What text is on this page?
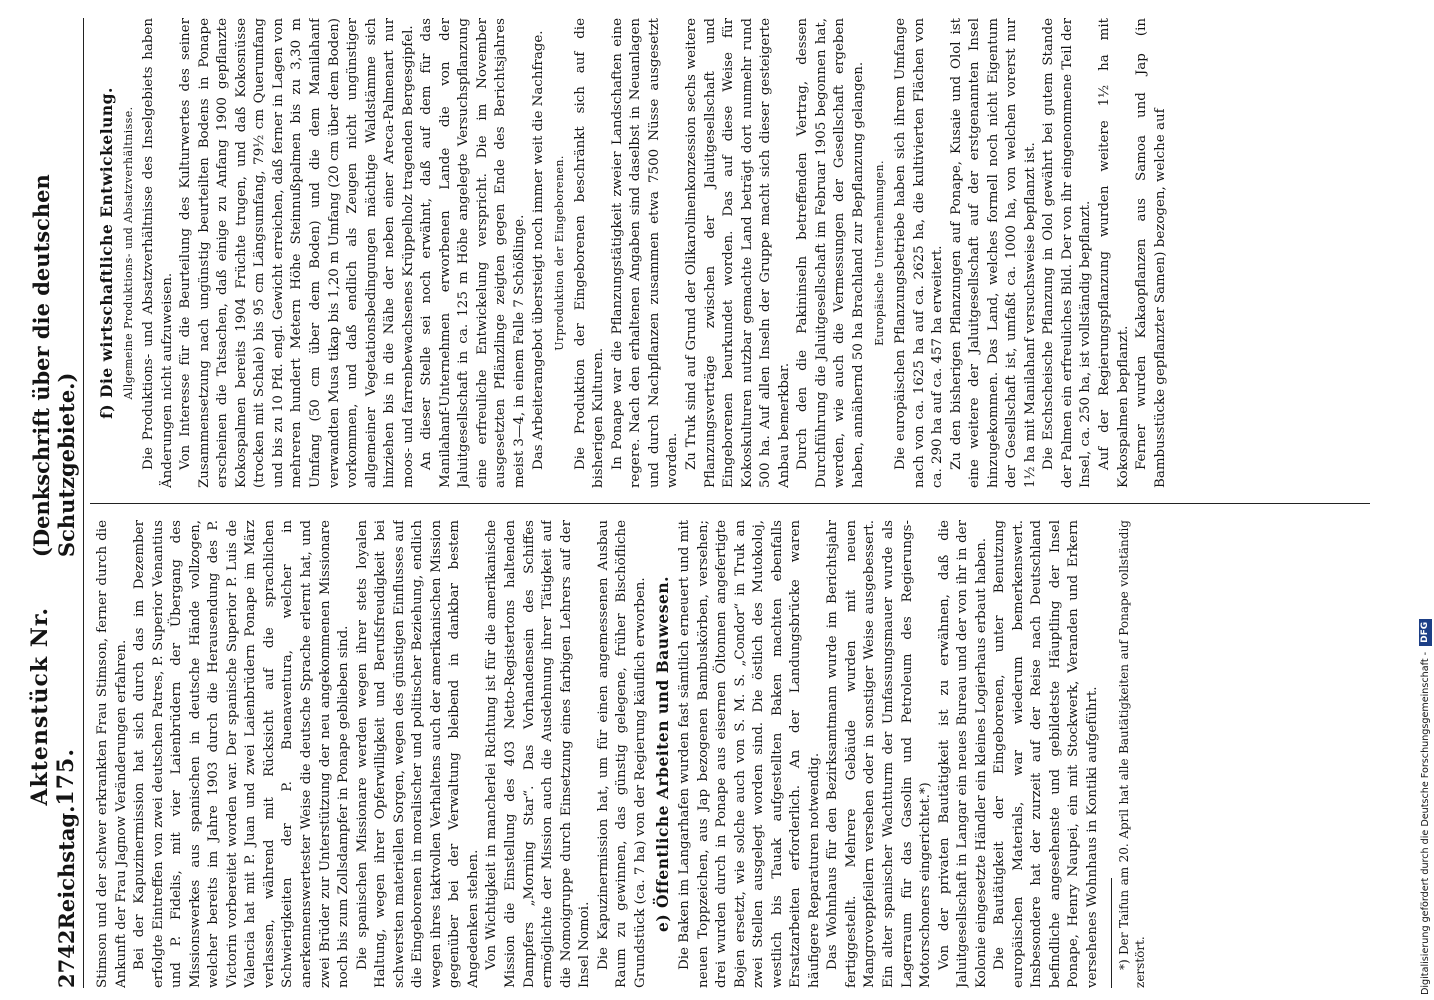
2742
Reichstag.
Aktenstück Nr. 175.
(Denkschrift über die deutschen Schutzgebiete.)

Stimson und der schwer erkrankten Frau Stimson, ferner durch die Ankunft der Frau Jagnow Veränderungen erfahren. Bei der Kapuzinermission hat sich durch das im Dezember erfolgte Eintreffen von zwei deutschen Patres, P. Superior Venantius und P. Fidelis, mit vier Laienbrüdern der Übergang des Missionswerkes aus spanischen in deutsche Hände vollzogen, welcher bereits im Jahre 1903 durch die Herausendung des P. Victorin vorbereitet worden war. Der spanische Superior P. Luis de Valencia hat mit P. Juan und zwei Laienbrüdern Ponape im März verlassen, während mit Rücksicht auf die sprachlichen Schwierigkeiten der P. Buenaventura, welcher in anerkennenswertester Weise die deutsche Sprache erlernt hat, und zwei Brüder zur Unterstützung der neu angekommenen Missionare noch bis zum Zollsdampfer in Ponape geblieben sind. Die spanischen Missionare werden wegen ihrer stets loyalen Haltung, wegen ihrer Opferwilligkeit und Berufsfreudigkeit bei schwersten materiellen Sorgen, wegen des günstigen Einflusses auf die Eingeborenen in moralischer und politischer Beziehung, endlich wegen ihres taktvollen Verhaltens auch der amerikanischen Mission gegenüber bei der Verwaltung bleibend in dankbar bestem Angedenken stehen. Von Wichtigkeit in mancherlei Richtung ist für die amerikanische Mission die Einstellung des 403 Netto-Registertons haltenden Dampfers „Morning Star“. Das Vorhandensein des Schiffes ermöglichte der Mission auch die Ausdehnung ihrer Tätigkeit auf die Nomoigruppe durch Einsetzung eines farbigen Lehrers auf der Insel Nomoi. Die Kapuzinermission hat, um für einen angemessenen Ausbau Raum zu gewinnen, das günstig gelegene, früher Bischöfliche Grundstück (ca. 7 ha) von der Regierung käuflich erworben. e) Öffentliche Arbeiten und Bauwesen. Die Baken im Langarhafen wurden fast sämtlich erneuert und mit neuen Toppzeichen, aus Jap bezogenen Bambuskörben, versehen; drei wurden durch in Ponape aus eisernen Öltonnen angefertigte Bojen ersetzt, wie solche auch von S. M. S. „Condor“ in Truk an zwei Stellen ausgelegt worden sind. Die östlich des Mutokoloj, westlich bis Tauak aufgestellten Baken machten ebenfalls Ersatzarbeiten erforderlich. An der Landungsbrücke waren häufigere Reparaturen notwendig. Das Wohnhaus für den Bezirksamtmann wurde im Berichtsjahr fertiggestellt. Mehrere Gebäude wurden mit neuen Mangroveppfeilern versehen oder in sonstiger Weise ausgebessert. Ein alter spanischer Wachtturm der Umfassungsmauer wurde als Lagerraum für das Gasolin und Petroleum des Regierungs-Motorschoners eingerichtet.*) Von der privaten Bautätigkeit ist zu erwähnen, daß die Jaluitgesellschaft in Langar ein neues Bureau und der von ihr in der Kolonie eingesetzte Händler ein kleines Logierhaus erbaut haben. Die Bautätigkeit der Eingeborenen, unter Benutzung europäischen Materials, war wiederum bemerkenswert. Insbesondere hat der zurzeit auf der Reise nach Deutschland befindliche angesehenste und gebildetste Häuptling der Insel Ponape, Henry Naupei, ein mit Stockwerk, Veranden und Erkern versehenes Wohnhaus in Kontiki aufgeführt. *) Der Taifun am 20. April hat alle Bautätigkeiten auf Ponape vollständig zerstört.

f) Die wirtschaftliche Entwickelung. Allgemeine Produktions- und Absatzverhältnisse. Die Produktions- und Absatzverhältnisse des Inselgebiets haben Änderungen nicht aufzuweisen. Von Interesse für die Beurteilung des Kulturwertes des seiner Zusammensetzung nach ungünstig beurteilten Bodens in Ponape erscheinen die Tatsachen, daß einige zu Anfang 1900 gepflanzte Kokospalmen bereits 1904 Früchte trugen, und daß Kokosnüsse (trocken mit Schale) bis 95 cm Längsumfang, 79½ cm Querumfang und bis zu 10 Pfd. engl. Gewicht erreichen, daß ferner in Lagen von mehreren hundert Metern Höhe Steinnußpalmen bis zu 3,30 m Umfang (50 cm über dem Boden) und die dem Manilahanf verwandten Musa tikap bis 1,20 m Umfang (20 cm über dem Boden) vorkommen, und daß endlich als Zeugen nicht ungünstiger allgemeiner Vegetationsbedingungen mächtige Waldstämme sich hinziehen bis in die Nähe der neben einer Areca-Palmenart nur moos- und farrenbewachsenes Krüppelholz tragenden Bergesgipfel. An dieser Stelle sei noch erwähnt, daß auf dem für das Manilahanf-Unternehmen erworbenen Lande die von der Jaluitgesellschaft in ca. 125 m Höhe angelegte Versuchspflanzung eine erfreuliche Entwickelung verspricht. Die im November ausgesetzten Pflänzlinge zeigten gegen Ende des Berichtsjahres meist 3—4, in einem Falle 7 Schößlinge. Das Arbeiterangebot übersteigt noch immer weit die Nachfrage. Urproduktion der Eingeborenen. Die Produktion der Eingeborenen beschränkt sich auf die bisherigen Kulturen. In Ponape war die Pflanzungstätigkeit zweier Landschaften eine regere. Nach den erhaltenen Angaben sind daselbst in Neuanlagen und durch Nachpflanzen zusammen etwa 7500 Nüsse ausgesetzt worden. Zu Truk sind auf Grund der Olikarolinenkonzession sechs weitere Pflanzungsverträge zwischen der Jaluitgesellschaft und Eingeborenen beurkundet worden. Das auf diese Weise für Kokoskulturen nutzbar gemachte Land beträgt dort nunmehr rund 500 ha. Auf allen Inseln der Gruppe macht sich dieser gesteigerte Anbau bemerkbar. Durch den die Pakininseln betreffenden Vertrag, dessen Durchführung die Jaluitgesellschaft im Februar 1905 begonnen hat, werden, wie auch die Vermessungen der Gesellschaft ergeben haben, annähernd 50 ha Brachland zur Bepflanzung gelangen. Europäische Unternehmungen. Die europäischen Pflanzungsbetriebe haben sich ihrem Umfange nach von ca. 1625 ha auf ca. 2625 ha, die kultivierten Flächen von ca. 290 ha auf ca. 457 ha erweitert. Zu den bisherigen Pflanzungen auf Ponape, Kusaie und Olol ist eine weitere der Jaluitgesellschaft auf der erstgenannten Insel hinzugekommen. Das Land, welches formell noch nicht Eigentum der Gesellschaft ist, umfaßt ca. 1000 ha, von welchen vorerst nur 1½ ha mit Manilahanf versuchsweise bepflanzt ist. Die Eschscheische Pflanzung in Olol gewährt bei gutem Stande der Palmen ein erfreuliches Bild. Der von ihr eingenommene Teil der Insel, ca. 250 ha, ist vollständig bepflanzt. Auf der Regierungspflanzung wurden weitere 1½ ha mit Kokospalmen bepflanzt. Ferner wurden Kakaopflanzen aus Samoa und Jap (in Bambusstücke gepflanzter Samen) bezogen, welche auf

Digitalisierung gefördert durch die Deutsche Forschungsgemeinschaft -
DFG
